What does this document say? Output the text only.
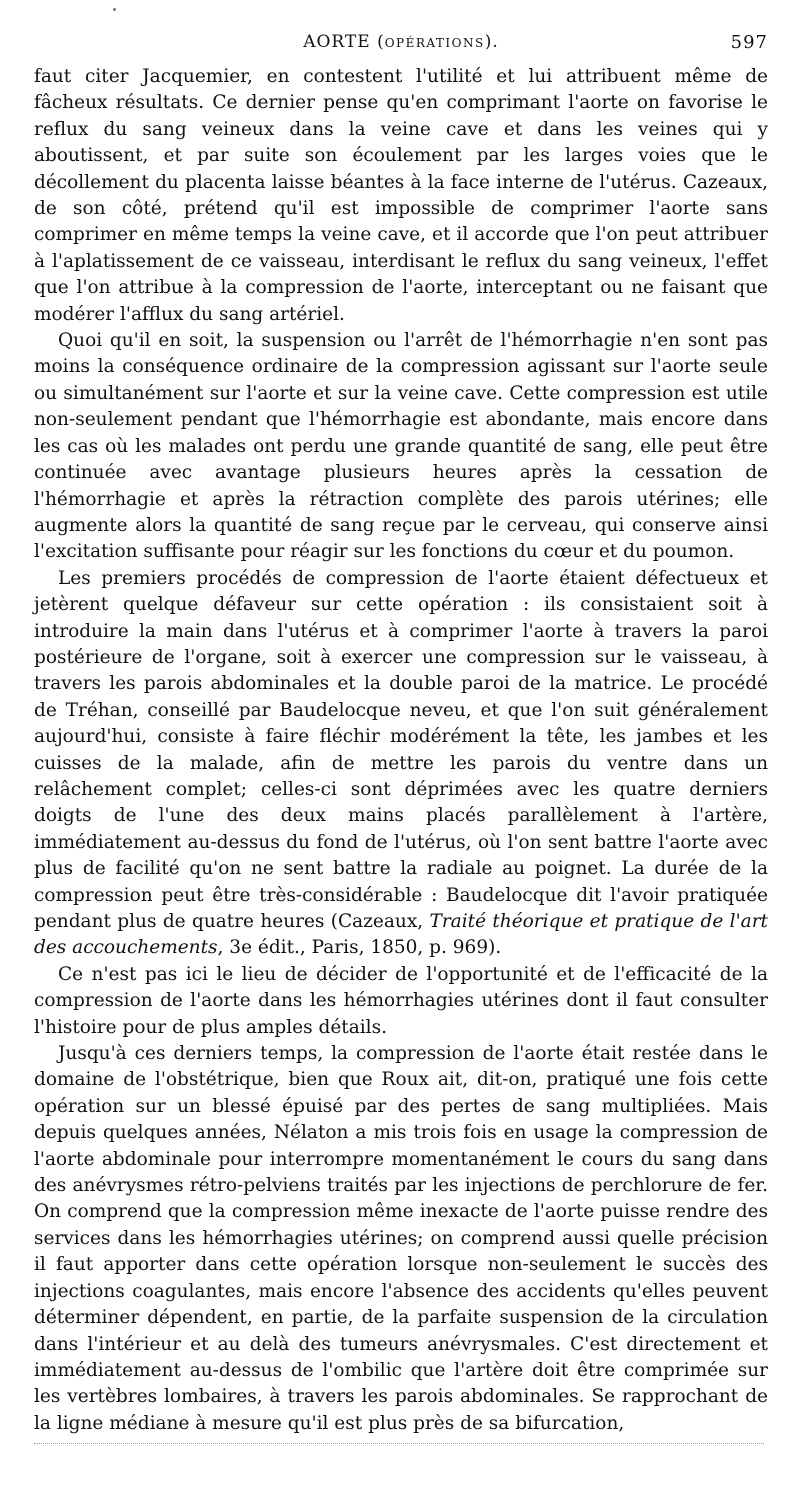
AORTE (OPÉRATIONS).	597

faut citer Jacquemier, en contestent l'utilité et lui attribuent même de fâcheux résultats. Ce dernier pense qu'en comprimant l'aorte on favorise le reflux du sang veineux dans la veine cave et dans les veines qui y aboutissent, et par suite son écoulement par les larges voies que le décollement du placenta laisse béantes à la face interne de l'utérus. Cazeaux, de son côté, prétend qu'il est impossible de comprimer l'aorte sans comprimer en même temps la veine cave, et il accorde que l'on peut attribuer à l'aplatissement de ce vaisseau, interdisant le reflux du sang veineux, l'effet que l'on attribue à la compression de l'aorte, interceptant ou ne faisant que modérer l'afflux du sang artériel.

Quoi qu'il en soit, la suspension ou l'arrêt de l'hémorrhagie n'en sont pas moins la conséquence ordinaire de la compression agissant sur l'aorte seule ou simultanément sur l'aorte et sur la veine cave. Cette compression est utile non-seulement pendant que l'hémorrhagie est abondante, mais encore dans les cas où les malades ont perdu une grande quantité de sang, elle peut être continuée avec avantage plusieurs heures après la cessation de l'hémorrhagie et après la rétraction complète des parois utérines; elle augmente alors la quantité de sang reçue par le cerveau, qui conserve ainsi l'excitation suffisante pour réagir sur les fonctions du cœur et du poumon.

Les premiers procédés de compression de l'aorte étaient défectueux et jetèrent quelque défaveur sur cette opération : ils consistaient soit à introduire la main dans l'utérus et à comprimer l'aorte à travers la paroi postérieure de l'organe, soit à exercer une compression sur le vaisseau, à travers les parois abdominales et la double paroi de la matrice. Le procédé de Tréhan, conseillé par Baudelocque neveu, et que l'on suit généralement aujourd'hui, consiste à faire fléchir modérément la tête, les jambes et les cuisses de la malade, afin de mettre les parois du ventre dans un relâchement complet; celles-ci sont déprimées avec les quatre derniers doigts de l'une des deux mains placés parallèlement à l'artère, immédiatement au-dessus du fond de l'utérus, où l'on sent battre l'aorte avec plus de facilité qu'on ne sent battre la radiale au poignet. La durée de la compression peut être très-considérable : Baudelocque dit l'avoir pratiquée pendant plus de quatre heures (Cazeaux, Traité théorique et pratique de l'art des accouchements, 3e édit., Paris, 1850, p. 969).

Ce n'est pas ici le lieu de décider de l'opportunité et de l'efficacité de la compression de l'aorte dans les hémorrhagies utérines dont il faut consulter l'histoire pour de plus amples détails.

Jusqu'à ces derniers temps, la compression de l'aorte était restée dans le domaine de l'obstétrique, bien que Roux ait, dit-on, pratiqué une fois cette opération sur un blessé épuisé par des pertes de sang multipliées. Mais depuis quelques années, Nélaton a mis trois fois en usage la compression de l'aorte abdominale pour interrompre momentanément le cours du sang dans des anévrysmes rétro-pelviens traités par les injections de perchlorure de fer. On comprend que la compression même inexacte de l'aorte puisse rendre des services dans les hémorrhagies utérines; on comprend aussi quelle précision il faut apporter dans cette opération lorsque non-seulement le succès des injections coagulantes, mais encore l'absence des accidents qu'elles peuvent déterminer dépendent, en partie, de la parfaite suspension de la circulation dans l'intérieur et au delà des tumeurs anévrysmales. C'est directement et immédiatement au-dessus de l'ombilic que l'artère doit être comprimée sur les vertèbres lombaires, à travers les parois abdominales. Se rapprochant de la ligne médiane à mesure qu'il est plus près de sa bifurcation,
